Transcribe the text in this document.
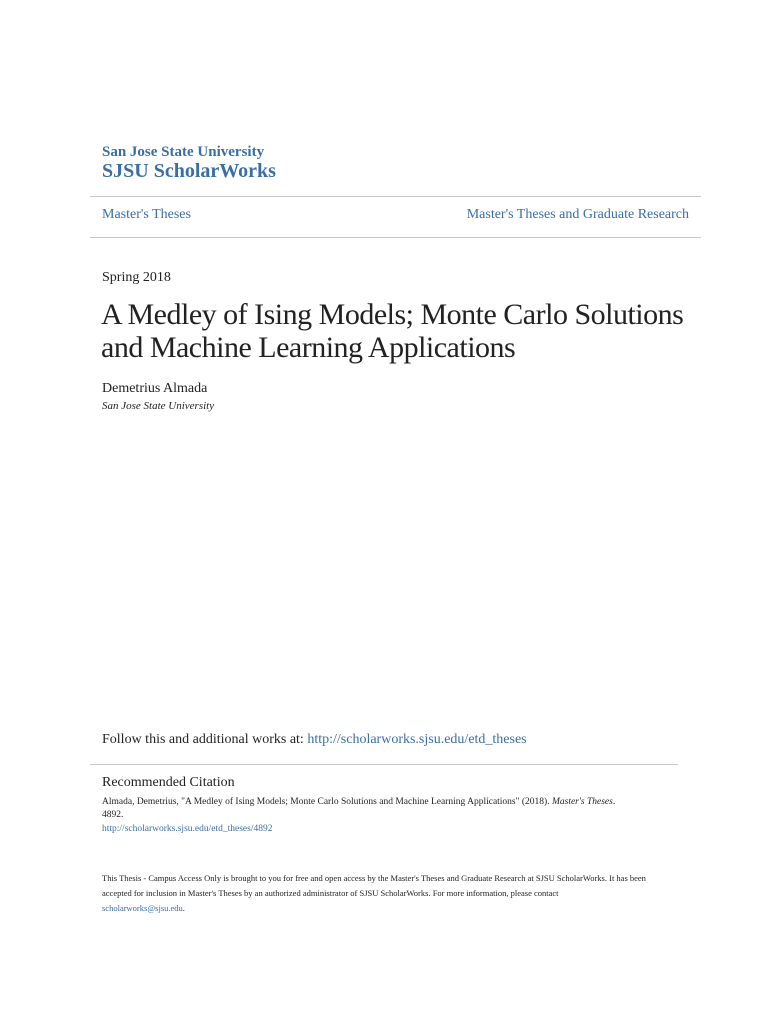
San Jose State University
SJSU ScholarWorks
Master's Theses	Master's Theses and Graduate Research
Spring 2018
A Medley of Ising Models; Monte Carlo Solutions and Machine Learning Applications
Demetrius Almada
San Jose State University
Follow this and additional works at: http://scholarworks.sjsu.edu/etd_theses
Recommended Citation
Almada, Demetrius, "A Medley of Ising Models; Monte Carlo Solutions and Machine Learning Applications" (2018). Master's Theses.
4892.
http://scholarworks.sjsu.edu/etd_theses/4892
This Thesis - Campus Access Only is brought to you for free and open access by the Master's Theses and Graduate Research at SJSU ScholarWorks. It has been accepted for inclusion in Master's Theses by an authorized administrator of SJSU ScholarWorks. For more information, please contact
scholarworks@sjsu.edu.
